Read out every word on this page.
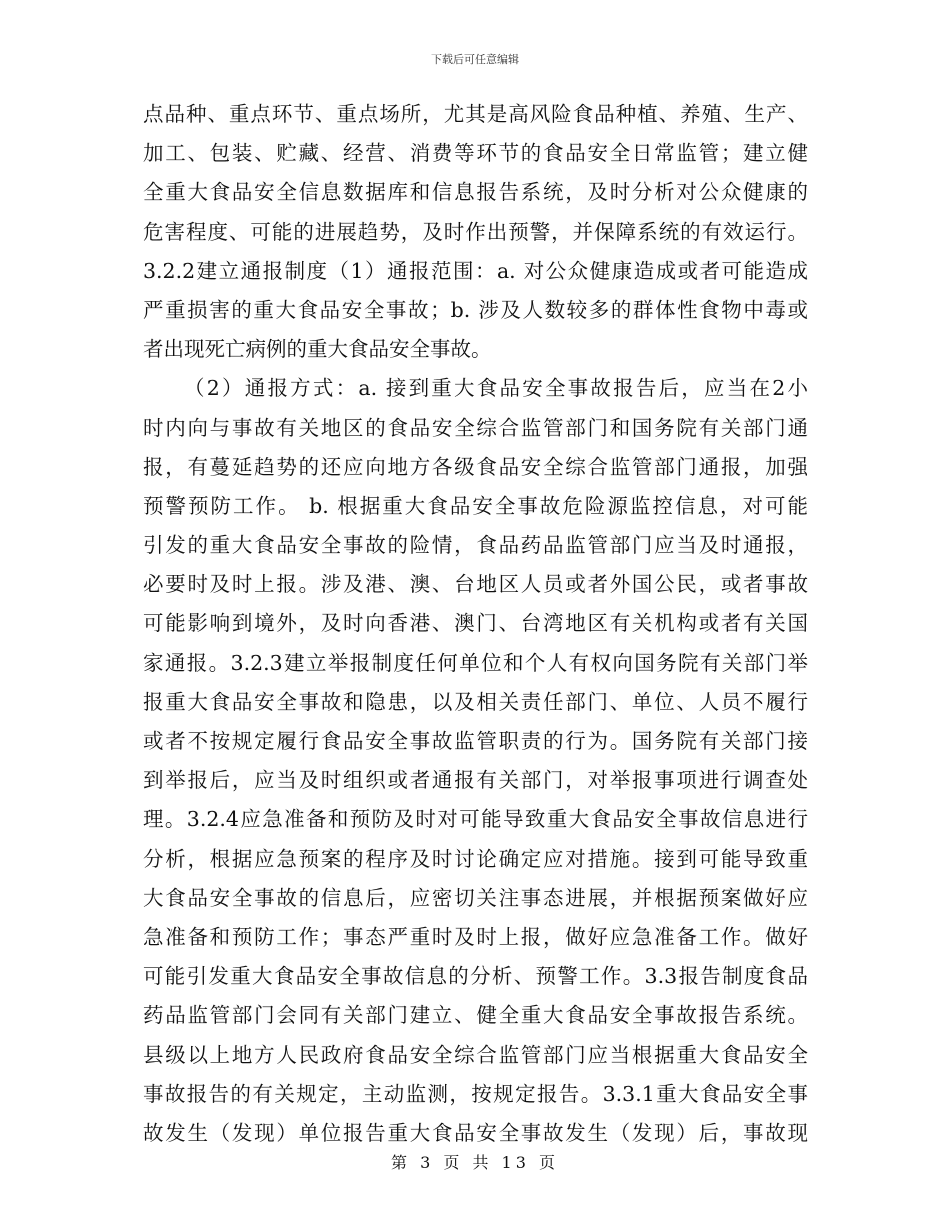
下载后可任意编辑
点品种、重点环节、重点场所，尤其是高风险食品种植、养殖、生产、
加工、包装、贮藏、经营、消费等环节的食品安全日常监管；建立健
全重大食品安全信息数据库和信息报告系统，及时分析对公众健康的
危害程度、可能的进展趋势，及时作出预警，并保障系统的有效运行。
3.2.2建立通报制度（1）通报范围：a. 对公众健康造成或者可能造成
严重损害的重大食品安全事故；b. 涉及人数较多的群体性食物中毒或
者出现死亡病例的重大食品安全事故。
（2）通报方式：a. 接到重大食品安全事故报告后，应当在2小
时内向与事故有关地区的食品安全综合监管部门和国务院有关部门通
报，有蔓延趋势的还应向地方各级食品安全综合监管部门通报，加强
预警预防工作。 b. 根据重大食品安全事故危险源监控信息，对可能
引发的重大食品安全事故的险情，食品药品监管部门应当及时通报，
必要时及时上报。涉及港、澳、台地区人员或者外国公民，或者事故
可能影响到境外，及时向香港、澳门、台湾地区有关机构或者有关国
家通报。3.2.3建立举报制度任何单位和个人有权向国务院有关部门举
报重大食品安全事故和隐患，以及相关责任部门、单位、人员不履行
或者不按规定履行食品安全事故监管职责的行为。国务院有关部门接
到举报后，应当及时组织或者通报有关部门，对举报事项进行调查处
理。3.2.4应急准备和预防及时对可能导致重大食品安全事故信息进行
分析，根据应急预案的程序及时讨论确定应对措施。接到可能导致重
大食品安全事故的信息后，应密切关注事态进展，并根据预案做好应
急准备和预防工作；事态严重时及时上报，做好应急准备工作。做好
可能引发重大食品安全事故信息的分析、预警工作。3.3报告制度食品
药品监管部门会同有关部门建立、健全重大食品安全事故报告系统。
县级以上地方人民政府食品安全综合监管部门应当根据重大食品安全
事故报告的有关规定，主动监测，按规定报告。3.3.1重大食品安全事
故发生（发现）单位报告重大食品安全事故发生（发现）后，事故现
第 3 页 共 13 页
